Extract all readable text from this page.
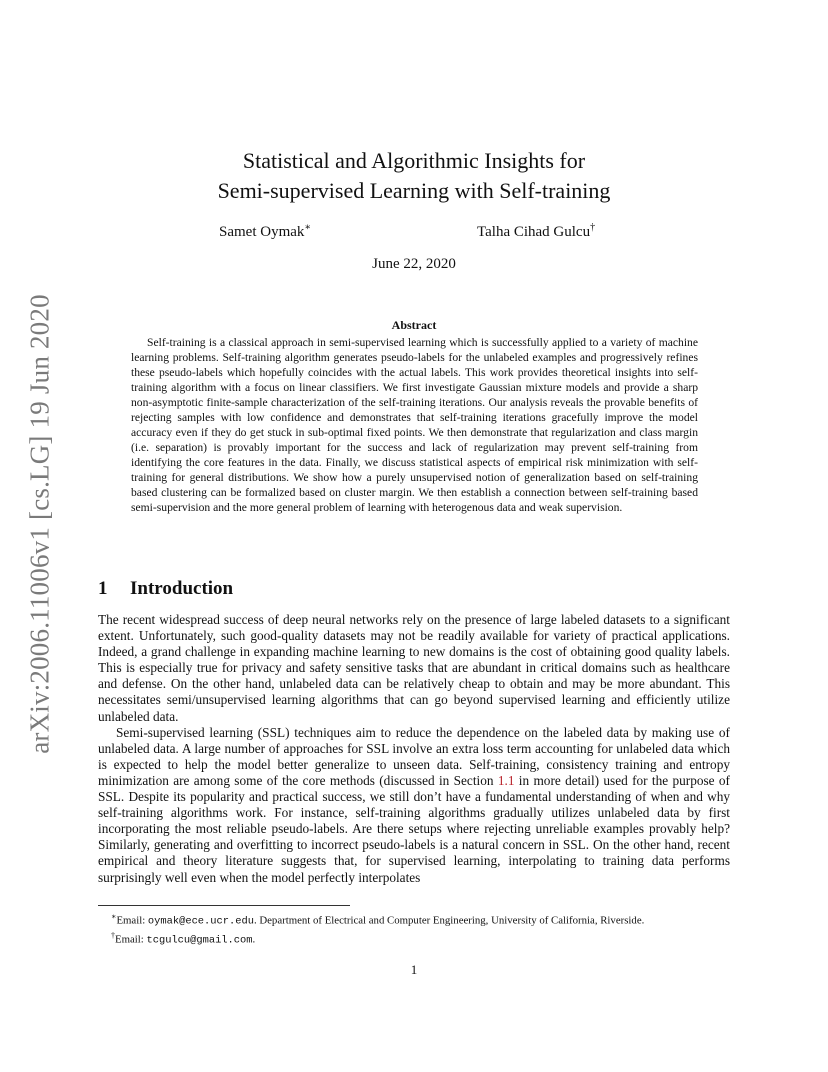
arXiv:2006.11006v1 [cs.LG] 19 Jun 2020
Statistical and Algorithmic Insights for
Semi-supervised Learning with Self-training
Samet Oymak∗	Talha Cihad Gulcu†
June 22, 2020
Abstract

Self-training is a classical approach in semi-supervised learning which is successfully applied to a variety of machine learning problems. Self-training algorithm generates pseudo-labels for the unlabeled examples and progressively refines these pseudo-labels which hopefully coincides with the actual labels. This work provides theoretical insights into self-training algorithm with a focus on linear classifiers. We first investigate Gaussian mixture models and provide a sharp non-asymptotic finite-sample characterization of the self-training iterations. Our analysis reveals the provable benefits of rejecting samples with low confidence and demonstrates that self-training iterations gracefully improve the model accuracy even if they do get stuck in sub-optimal fixed points. We then demonstrate that regularization and class margin (i.e. separation) is provably important for the success and lack of regularization may prevent self-training from identifying the core features in the data. Finally, we discuss statistical aspects of empirical risk minimization with self-training for general distributions. We show how a purely unsupervised notion of generalization based on self-training based clustering can be formalized based on cluster margin. We then establish a connection between self-training based semi-supervision and the more general problem of learning with heterogenous data and weak supervision.

1 Introduction

The recent widespread success of deep neural networks rely on the presence of large labeled datasets to a significant extent. Unfortunately, such good-quality datasets may not be readily available for variety of practical applications. Indeed, a grand challenge in expanding machine learning to new domains is the cost of obtaining good quality labels. This is especially true for privacy and safety sensitive tasks that are abundant in critical domains such as healthcare and defense. On the other hand, unlabeled data can be relatively cheap to obtain and may be more abundant. This necessitates semi/unsupervised learning algorithms that can go beyond supervised learning and efficiently utilize unlabeled data.

Semi-supervised learning (SSL) techniques aim to reduce the dependence on the labeled data by making use of unlabeled data. A large number of approaches for SSL involve an extra loss term accounting for unlabeled data which is expected to help the model better generalize to unseen data. Self-training, consistency training and entropy minimization are among some of the core methods (discussed in Section 1.1 in more detail) used for the purpose of SSL. Despite its popularity and practical success, we still don’t have a fundamental understanding of when and why self-training algorithms work. For instance, self-training algorithms gradually utilizes unlabeled data by first incorporating the most reliable pseudo-labels. Are there setups where rejecting unreliable examples provably help? Similarly, generating and overfitting to incorrect pseudo-labels is a natural concern in SSL. On the other hand, recent empirical and theory literature suggests that, for supervised learning, interpolating to training data performs surprisingly well even when the model perfectly interpolates

∗Email: oymak@ece.ucr.edu. Department of Electrical and Computer Engineering, University of California, Riverside.
†Email: tcgulcu@gmail.com.
1
